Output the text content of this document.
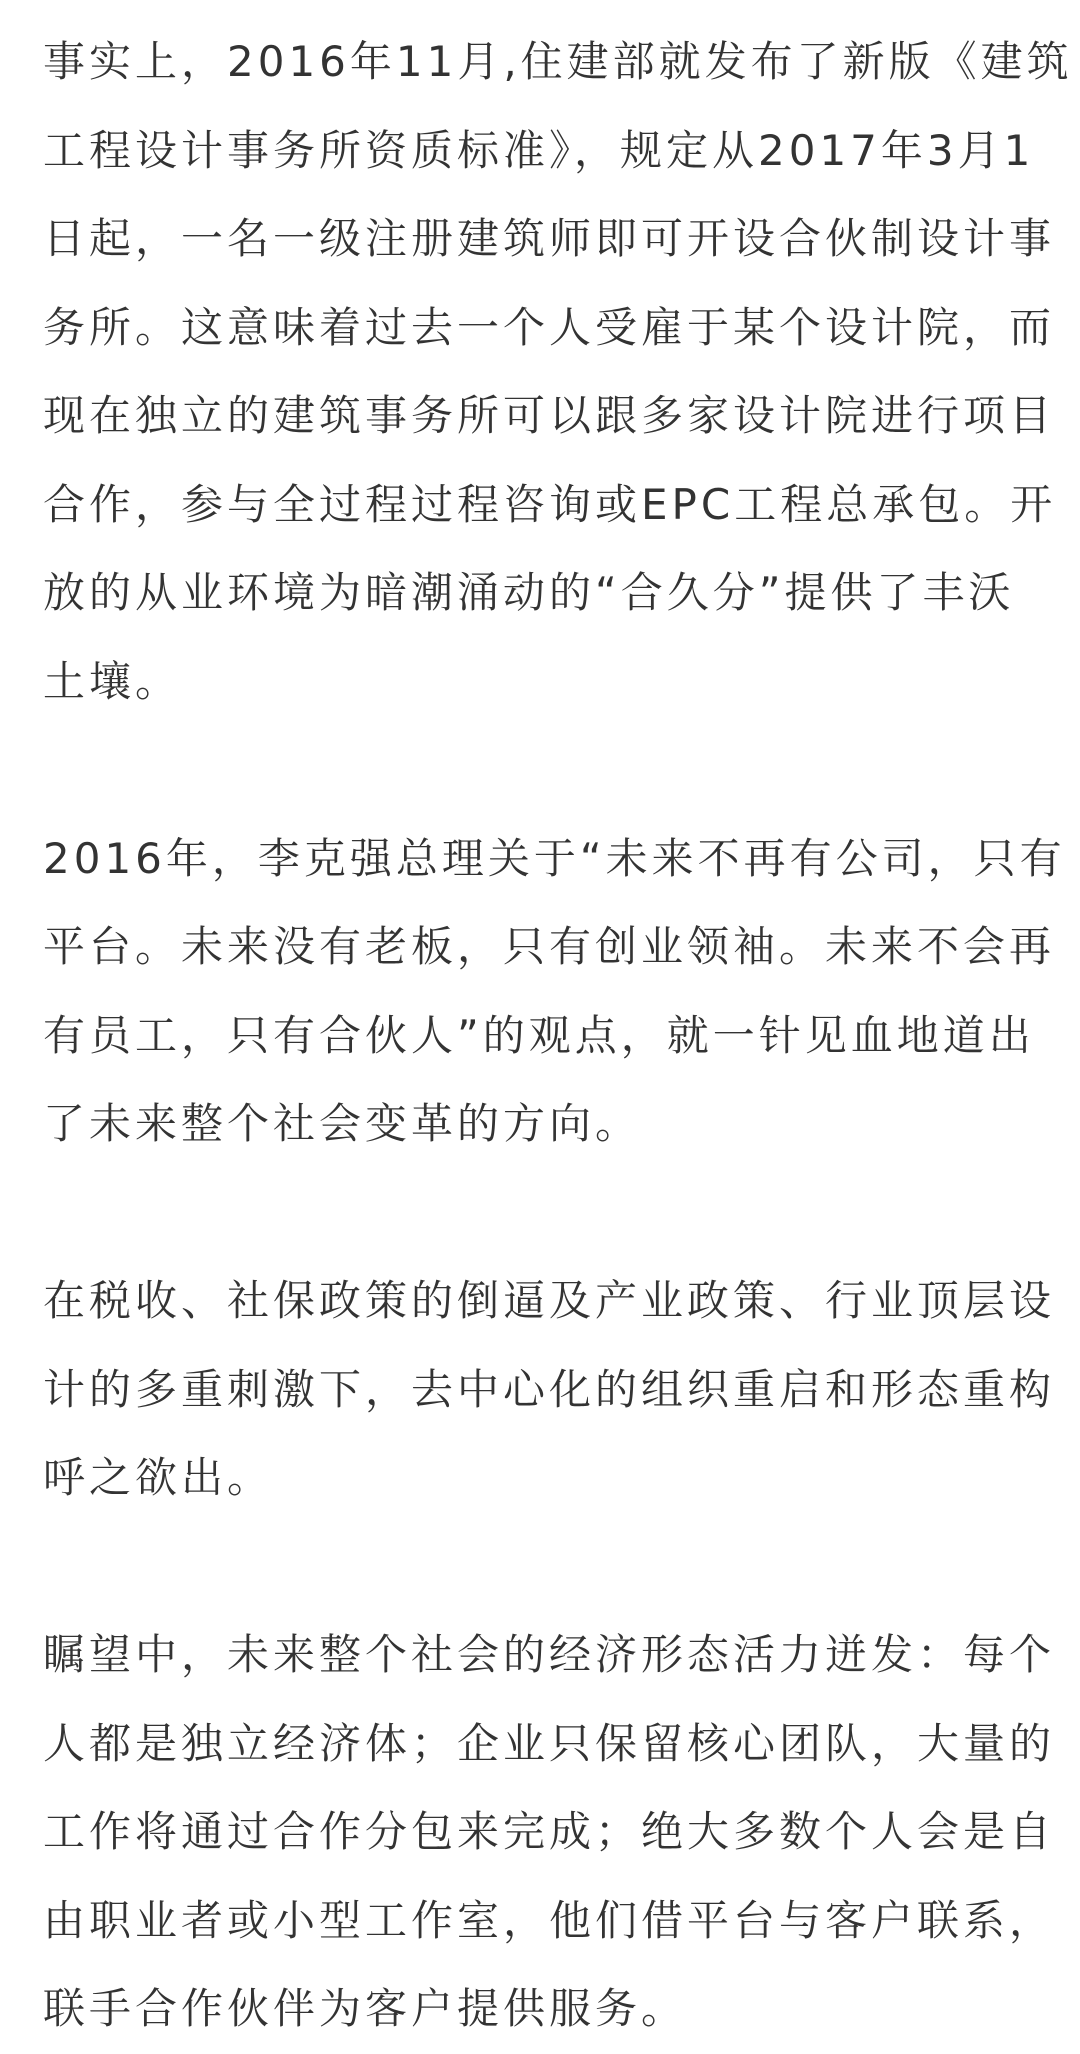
事实上，2016年11月,住建部就发布了新版《建筑
工程设计事务所资质标准》，规定从2017年3月1
日起，一名一级注册建筑师即可开设合伙制设计事
务所。这意味着过去一个人受雇于某个设计院，而
现在独立的建筑事务所可以跟多家设计院进行项目
合作，参与全过程过程咨询或EPC工程总承包。开
放的从业环境为暗潮涌动的“合久分”提供了丰沃
土壤。
2016年，李克强总理关于“未来不再有公司，只有
平台。未来没有老板，只有创业领袖。未来不会再
有员工，只有合伙人”的观点，就一针见血地道出
了未来整个社会变革的方向。
在税收、社保政策的倒逼及产业政策、行业顶层设
计的多重刺激下，去中心化的组织重启和形态重构
呼之欲出。
瞩望中，未来整个社会的经济形态活力迸发：每个
人都是独立经济体；企业只保留核心团队，大量的
工作将通过合作分包来完成；绝大多数个人会是自
由职业者或小型工作室，他们借平台与客户联系，
联手合作伙伴为客户提供服务。
